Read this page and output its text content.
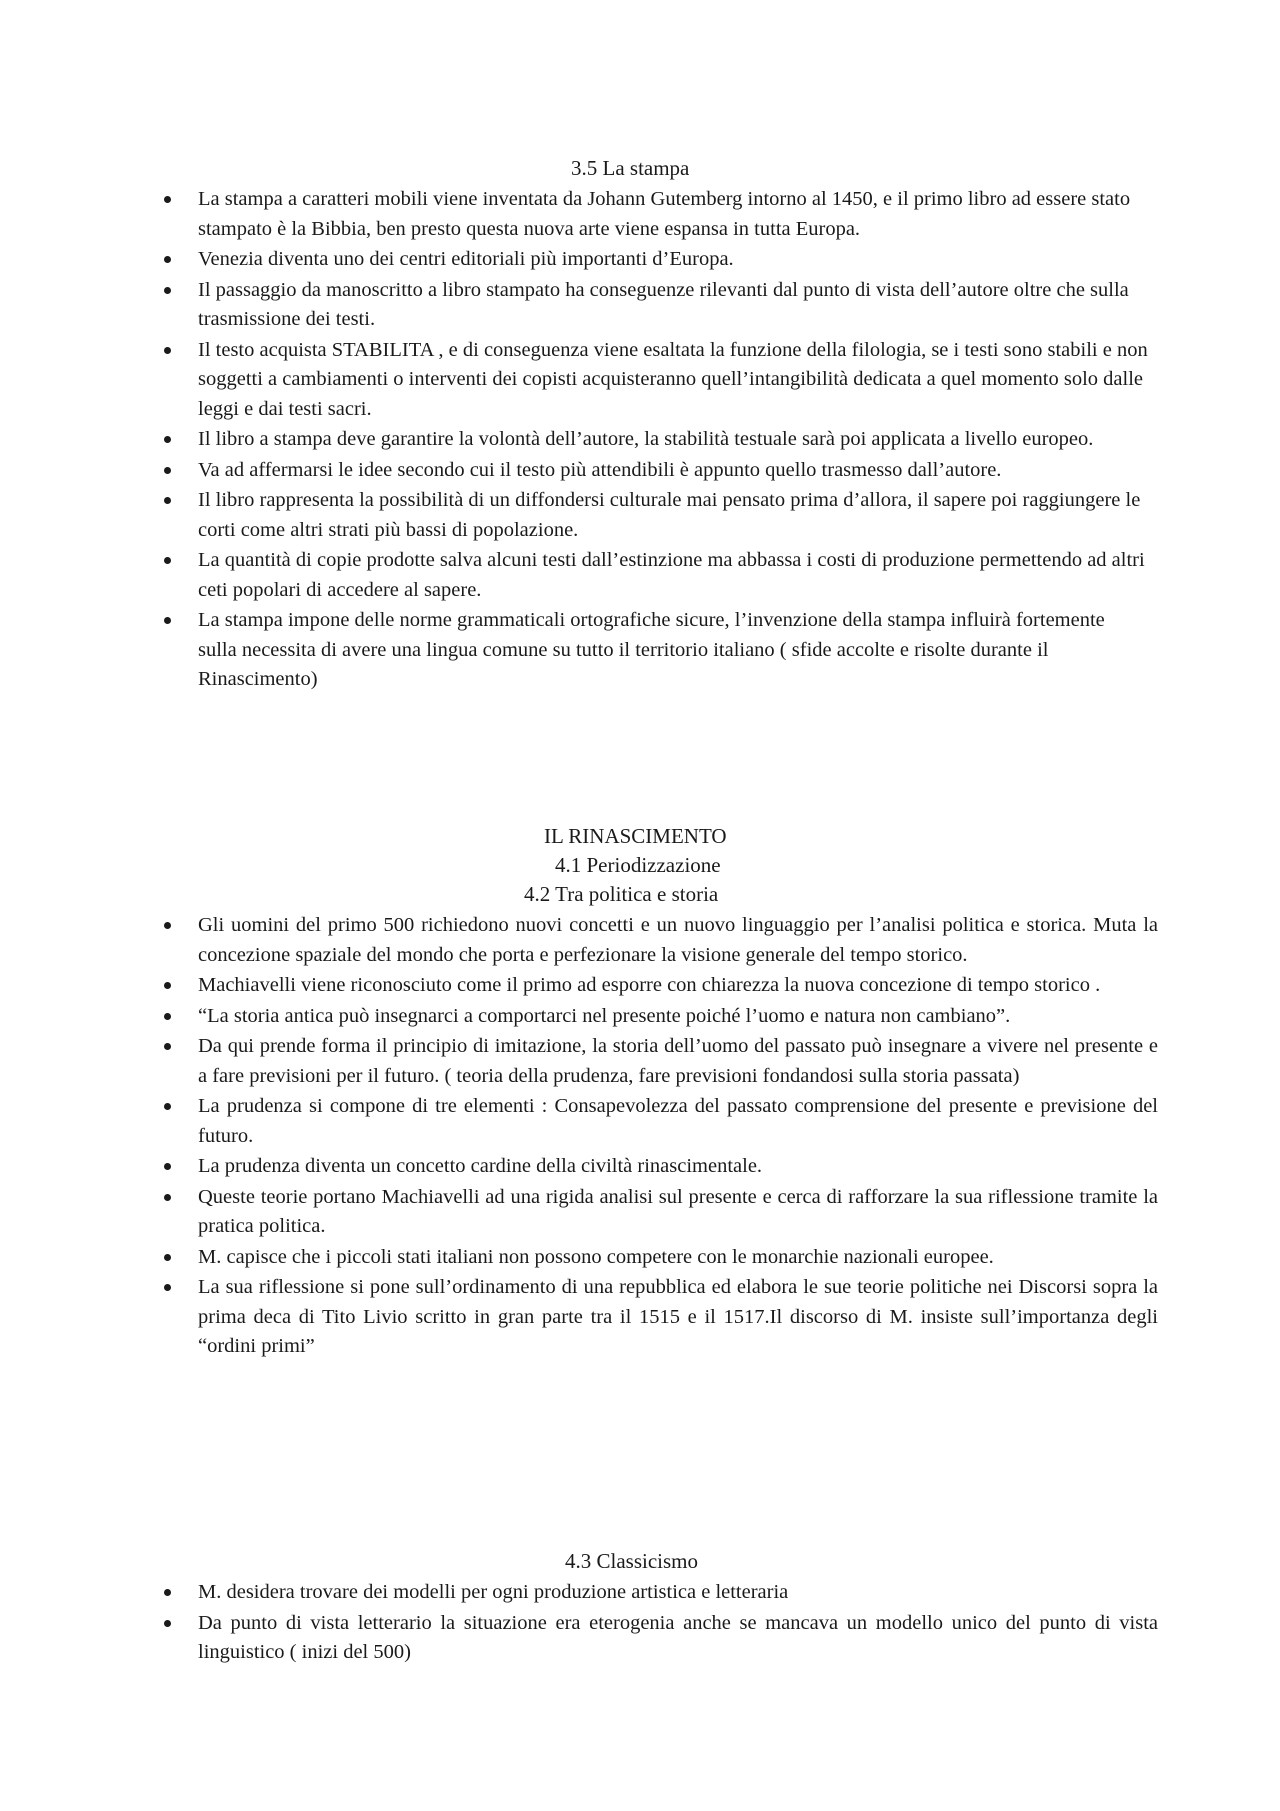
3.5 La stampa
La stampa a caratteri mobili viene inventata da Johann Gutemberg intorno al 1450, e il primo libro ad essere stato stampato è la Bibbia, ben presto questa nuova arte viene espansa in tutta Europa.
Venezia diventa uno dei centri editoriali più importanti d’Europa.
Il passaggio da manoscritto a libro stampato ha conseguenze rilevanti dal punto di vista dell’autore oltre che sulla trasmissione dei testi.
Il testo acquista STABILITA , e di conseguenza viene esaltata la funzione della filologia, se i testi sono stabili e non soggetti a cambiamenti o interventi dei copisti acquisteranno quell’intangibilità dedicata a quel momento solo dalle leggi e dai testi sacri.
Il libro a stampa deve garantire la volontà dell’autore, la stabilità testuale sarà poi applicata a livello europeo.
Va ad affermarsi le idee secondo cui il testo più attendibili è appunto quello trasmesso dall’autore.
Il libro rappresenta la possibilità di un diffondersi culturale mai pensato prima d’allora, il sapere poi raggiungere le corti come altri strati più bassi di popolazione.
La quantità di copie prodotte salva alcuni testi dall’estinzione ma abbassa i costi di produzione permettendo ad altri ceti popolari di accedere al sapere.
La stampa impone delle norme grammaticali ortografiche sicure, l’invenzione della stampa influirà fortemente sulla necessita di avere una lingua comune su tutto il territorio italiano ( sfide accolte e risolte durante il Rinascimento)
IL RINASCIMENTO
4.1 Periodizzazione
4.2 Tra politica e storia
Gli uomini del primo 500 richiedono nuovi concetti e un nuovo linguaggio per l’analisi politica e storica. Muta la concezione spaziale del mondo che porta e perfezionare la visione generale del tempo storico.
Machiavelli viene riconosciuto come il primo ad esporre con chiarezza la nuova concezione di tempo storico .
“La storia antica può insegnarci a comportarci nel presente poiché l’uomo e natura non cambiano”.
Da qui prende forma il principio di imitazione, la storia dell’uomo del passato può insegnare a vivere nel presente e a fare previsioni per il futuro. ( teoria della prudenza, fare previsioni fondandosi sulla storia passata)
La prudenza si compone di tre elementi : Consapevolezza del passato comprensione del presente e previsione del futuro.
La prudenza diventa un concetto cardine della civiltà rinascimentale.
Queste teorie portano Machiavelli ad una rigida analisi sul presente e cerca di rafforzare la sua riflessione tramite la pratica politica.
M. capisce che i piccoli stati italiani non possono competere con le monarchie nazionali europee.
La sua riflessione si pone sull’ordinamento di una repubblica ed elabora le sue teorie politiche nei Discorsi sopra la prima deca di Tito Livio scritto in gran parte tra il 1515 e il 1517.Il discorso di M. insiste sull’importanza degli “ordini primi”
4.3 Classicismo
M. desidera trovare dei modelli per ogni produzione artistica e letteraria
Da punto di vista letterario la situazione era eterogenia anche se mancava un modello unico del punto di vista linguistico ( inizi del 500)
